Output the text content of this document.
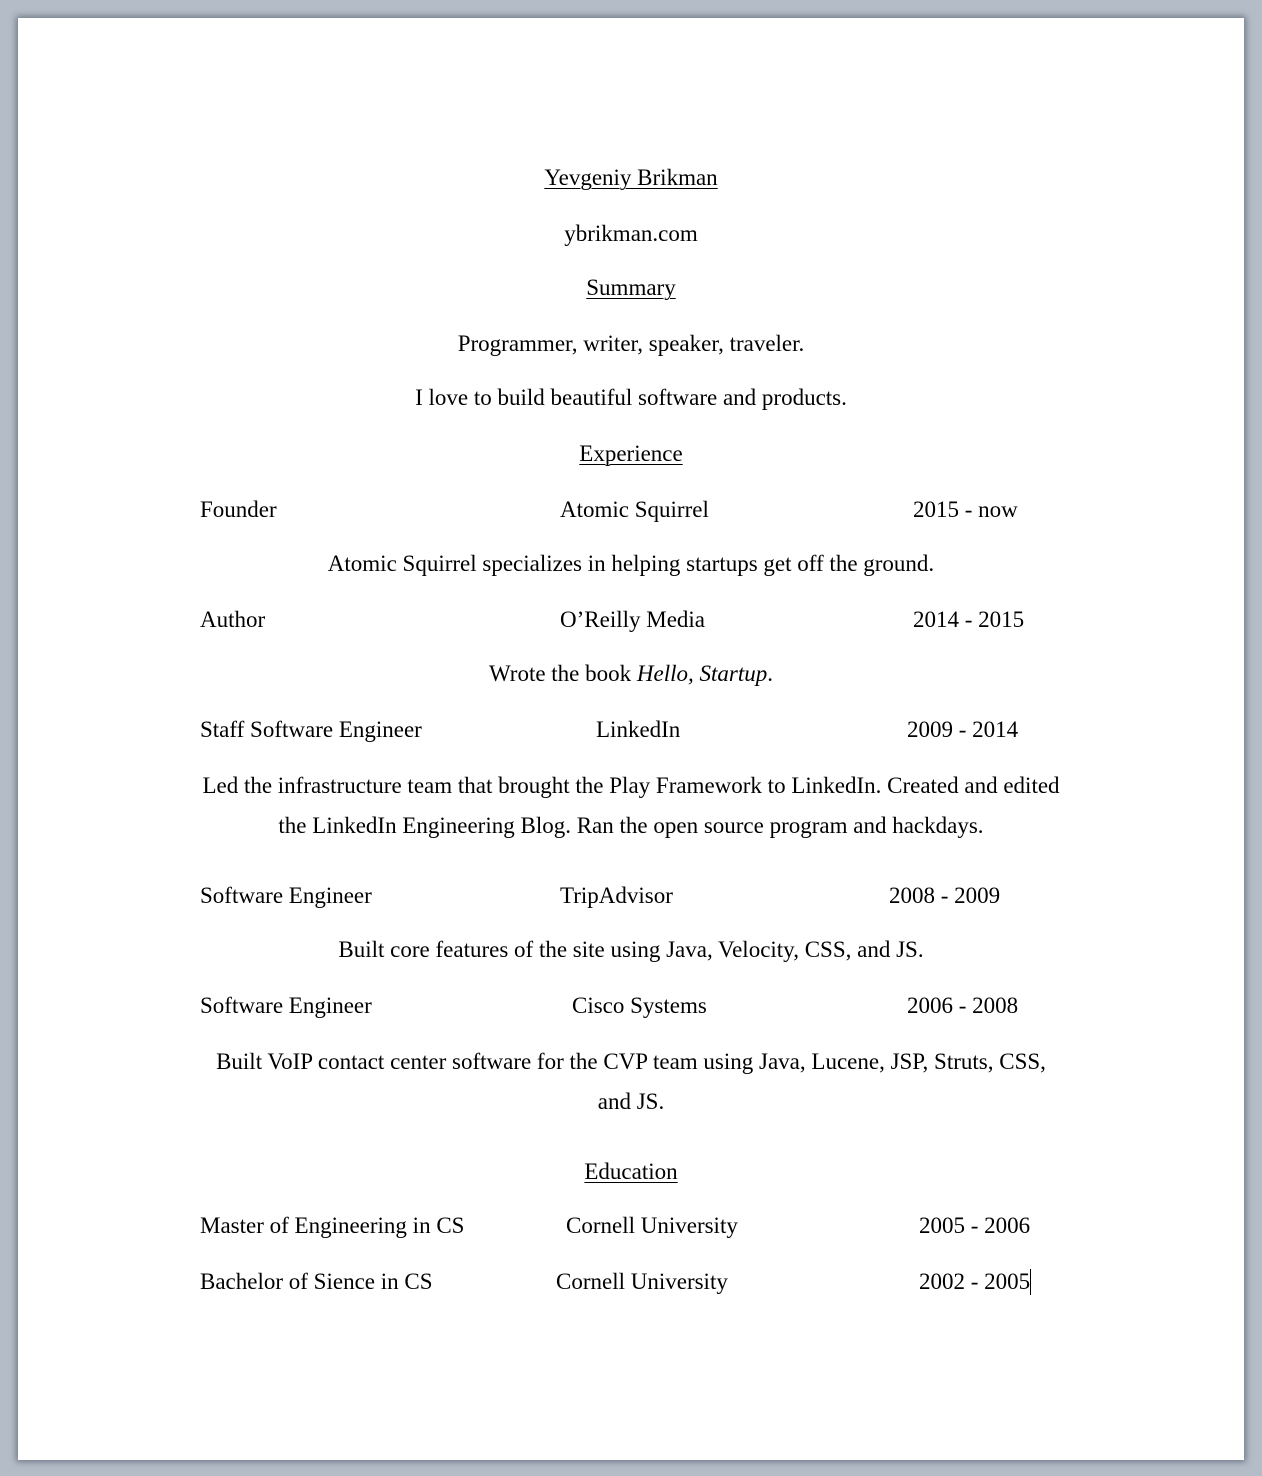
Yevgeniy Brikman
ybrikman.com
Summary
Programmer, writer, speaker, traveler.
I love to build beautiful software and products.
Experience
Founder	Atomic Squirrel	2015 - now
Atomic Squirrel specializes in helping startups get off the ground.
Author	O’Reilly Media	2014 - 2015
Wrote the book Hello, Startup.
Staff Software Engineer	LinkedIn	2009 - 2014
Led the infrastructure team that brought the Play Framework to LinkedIn. Created and edited the LinkedIn Engineering Blog. Ran the open source program and hackdays.
Software Engineer	TripAdvisor	2008 - 2009
Built core features of the site using Java, Velocity, CSS, and JS.
Software Engineer	Cisco Systems	2006 - 2008
Built VoIP contact center software for the CVP team using Java, Lucene, JSP, Struts, CSS, and JS.
Education
Master of Engineering in CS	Cornell University	2005 - 2006
Bachelor of Sience in CS	Cornell University	2002 - 2005
